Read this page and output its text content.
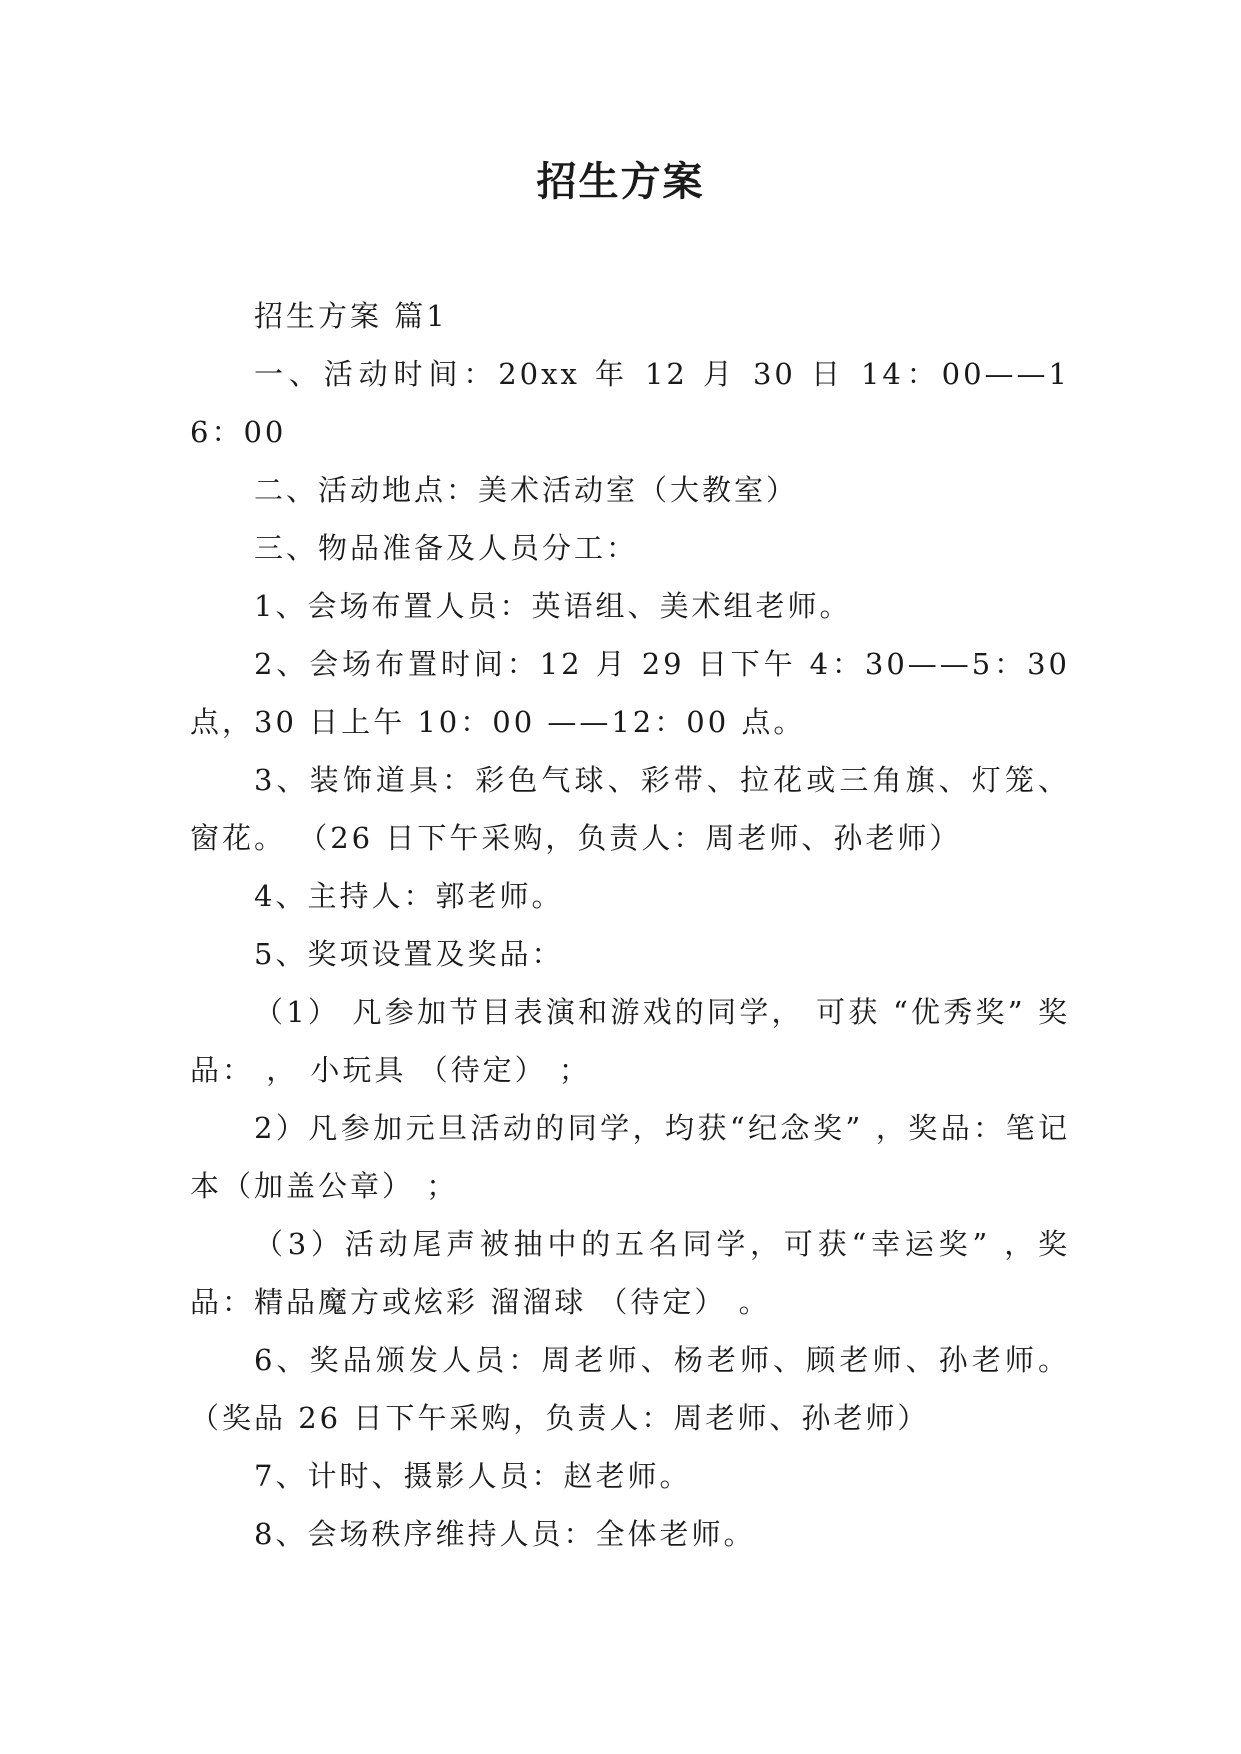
招生方案

招生方案 篇1

一、活动时间：20xx 年 12 月 30 日 14：00——16：00

二、活动地点：美术活动室（大教室）

三、物品准备及人员分工：

1、会场布置人员：英语组、美术组老师。

2、会场布置时间：12 月 29 日下午 4：30——5：30 点，30 日上午 10：00 ——12：00 点。

3、装饰道具：彩色气球、彩带、拉花或三角旗、灯笼、窗花。 （26 日下午采购，负责人：周老师、孙老师）

4、主持人：郭老师。

5、奖项设置及奖品：

（1） 凡参加节目表演和游戏的同学， 可获 “优秀奖” 奖品： ， 小玩具 （待定） ；

2）凡参加元旦活动的同学，均获“纪念奖” ，奖品：笔记本（加盖公章） ；

（3）活动尾声被抽中的五名同学，可获“幸运奖” ，奖品：精品魔方或炫彩 溜溜球 （待定） 。

6、奖品颁发人员：周老师、杨老师、顾老师、孙老师。（奖品 26 日下午采购，负责人：周老师、孙老师）

7、计时、摄影人员：赵老师。

8、会场秩序维持人员：全体老师。
